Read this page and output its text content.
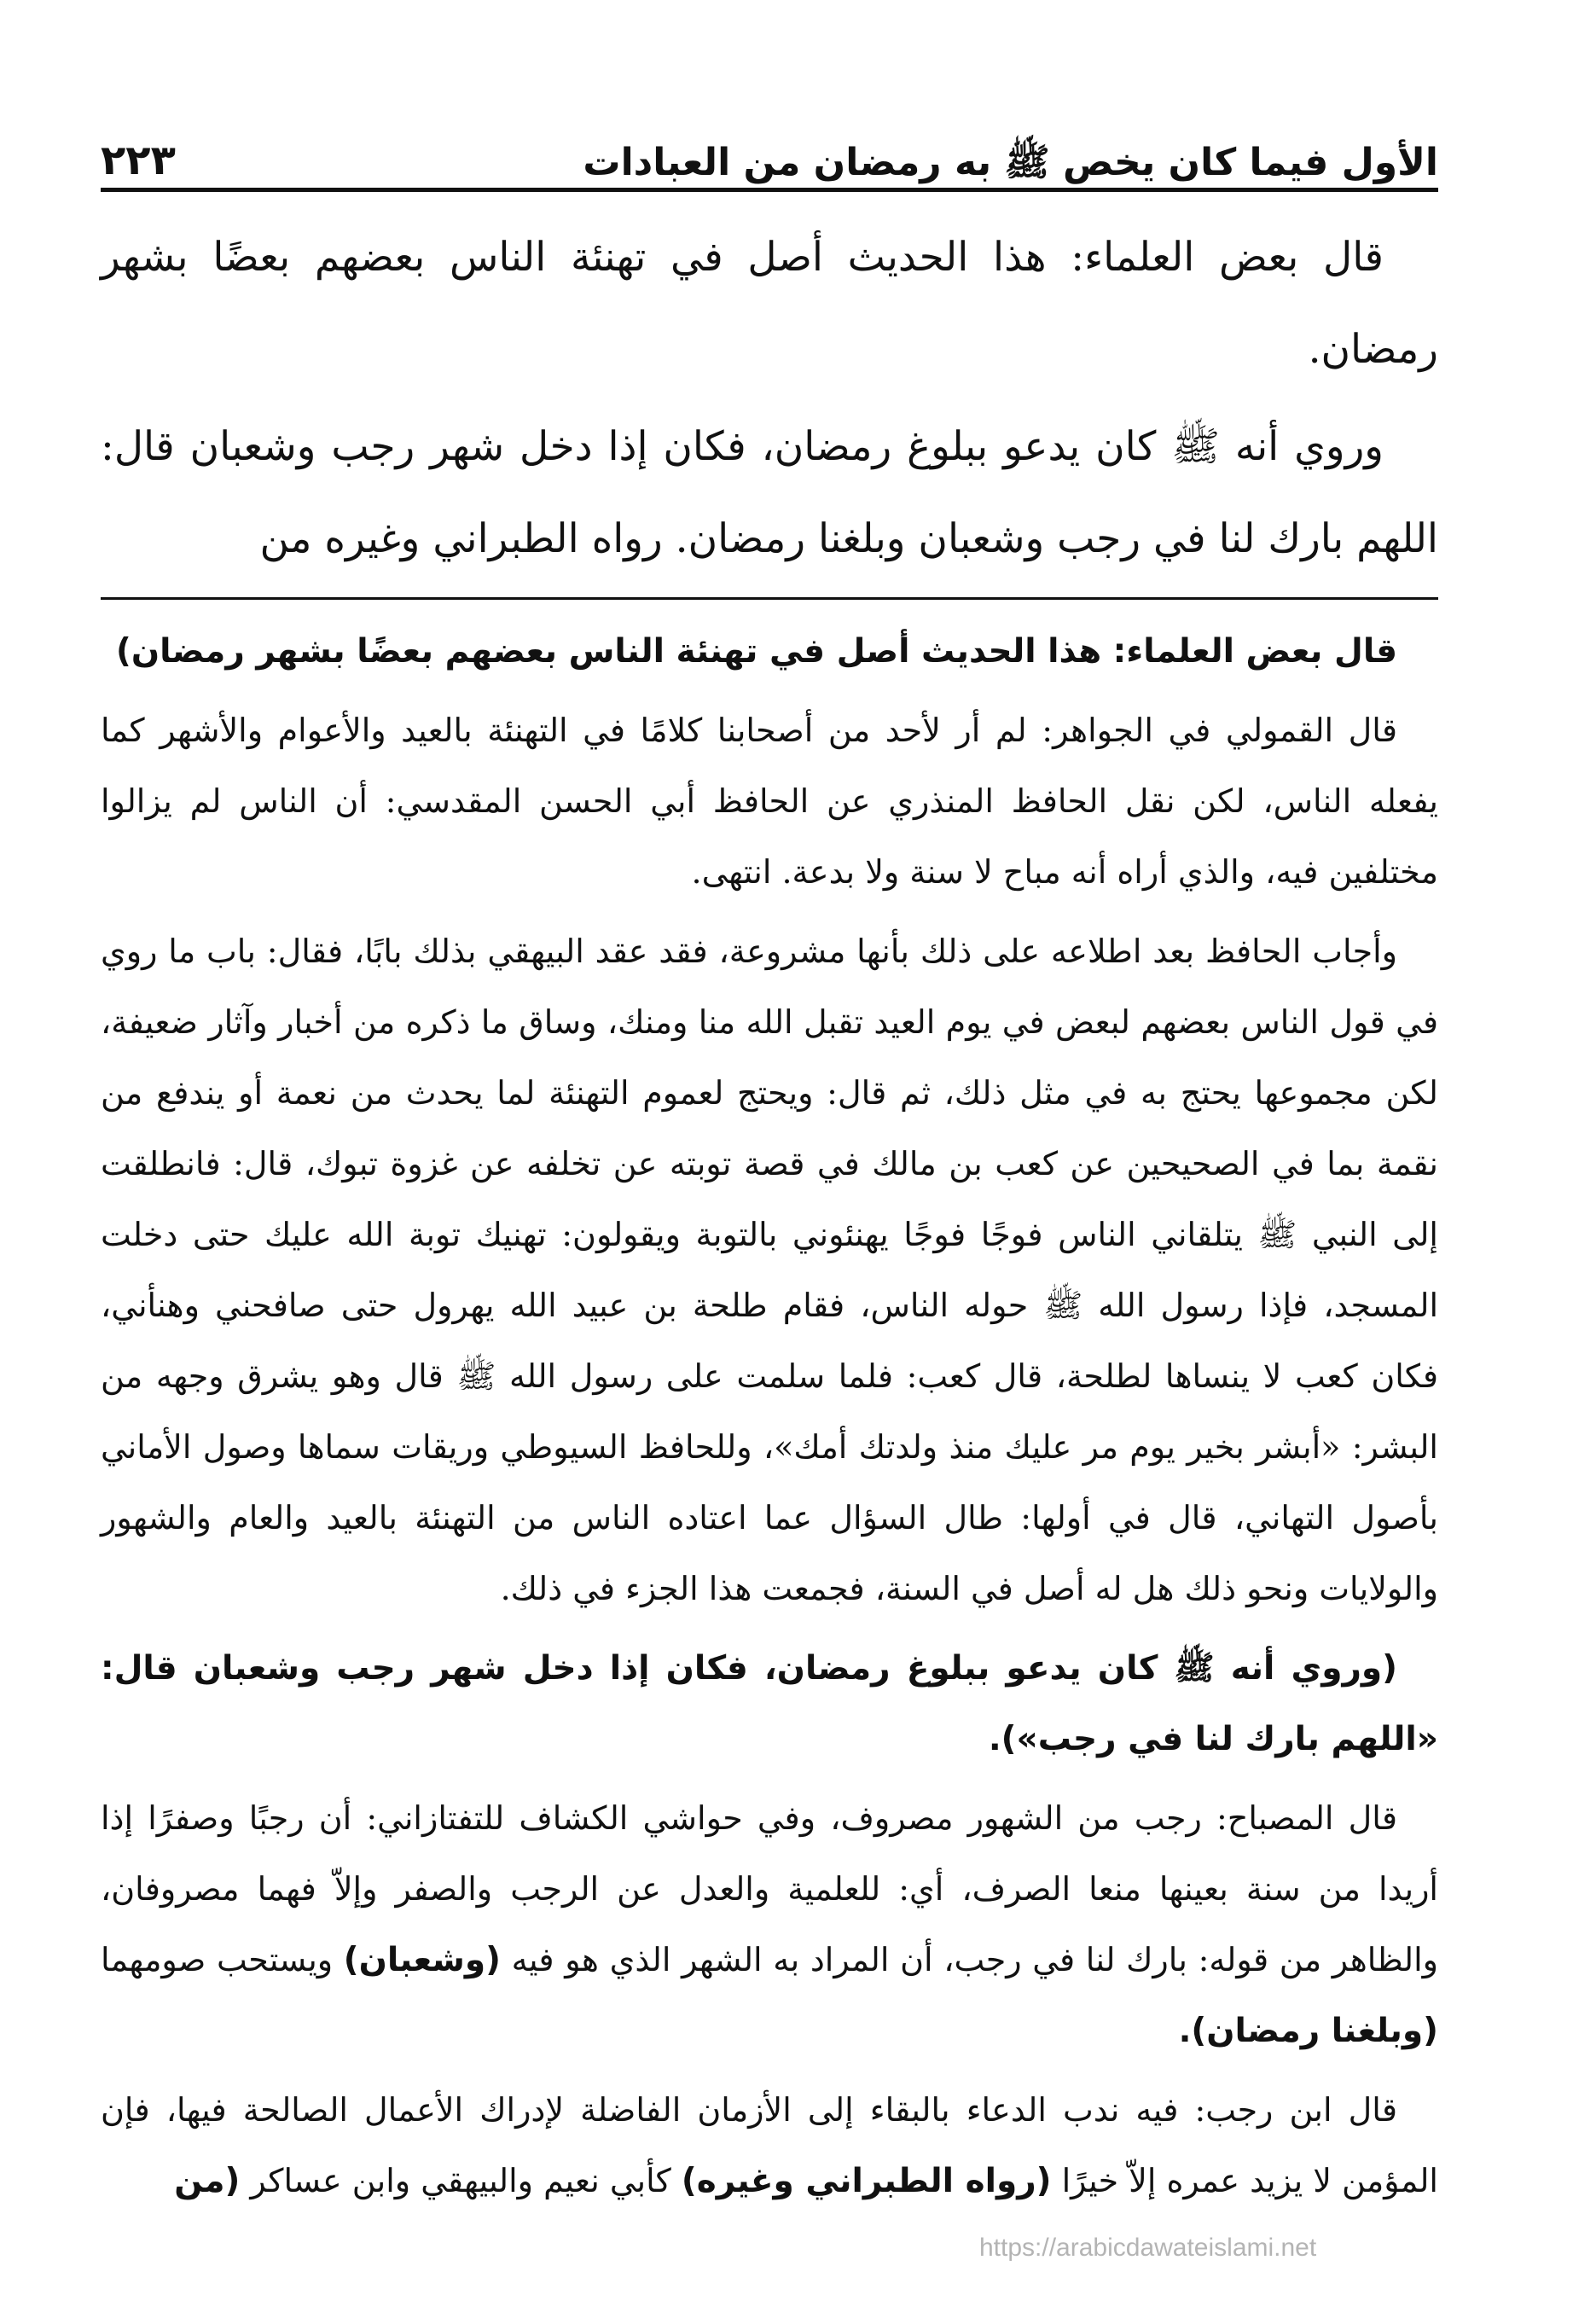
٢٢٣	الأول فيما كان يخص ﷺ به رمضان من العبادات

قال بعض العلماء: هذا الحديث أصل في تهنئة الناس بعضهم بعضًا بشهر رمضان.

وروي أنه ﷺ كان يدعو ببلوغ رمضان، فكان إذا دخل شهر رجب وشعبان قال: اللهم بارك لنا في رجب وشعبان وبلغنا رمضان. رواه الطبراني وغيره من

قال بعض العلماء: هذا الحديث أصل في تهنئة الناس بعضهم بعضًا بشهر رمضان)

قال القمولي في الجواهر: لم أر لأحد من أصحابنا كلامًا في التهنئة بالعيد والأعوام والأشهر كما يفعله الناس، لكن نقل الحافظ المنذري عن الحافظ أبي الحسن المقدسي: أن الناس لم يزالوا مختلفين فيه، والذي أراه أنه مباح لا سنة ولا بدعة. انتهى.

وأجاب الحافظ بعد اطلاعه على ذلك بأنها مشروعة، فقد عقد البيهقي بذلك بابًا، فقال: باب ما روي في قول الناس بعضهم لبعض في يوم العيد تقبل الله منا ومنك، وساق ما ذكره من أخبار وآثار ضعيفة، لكن مجموعها يحتج به في مثل ذلك، ثم قال: ويحتج لعموم التهنئة لما يحدث من نعمة أو يندفع من نقمة بما في الصحيحين عن كعب بن مالك في قصة توبته عن تخلفه عن غزوة تبوك، قال: فانطلقت إلى النبي ﷺ يتلقاني الناس فوجًا فوجًا يهنئوني بالتوبة ويقولون: تهنيك توبة الله عليك حتى دخلت المسجد، فإذا رسول الله ﷺ حوله الناس، فقام طلحة بن عبيد الله يهرول حتى صافحني وهنأني، فكان كعب لا ينساها لطلحة، قال كعب: فلما سلمت على رسول الله ﷺ قال وهو يشرق وجهه من البشر: «أبشر بخير يوم مر عليك منذ ولدتك أمك»، وللحافظ السيوطي وريقات سماها وصول الأماني بأصول التهاني، قال في أولها: طال السؤال عما اعتاده الناس من التهنئة بالعيد والعام والشهور والولايات ونحو ذلك هل له أصل في السنة، فجمعت هذا الجزء في ذلك.

(وروي أنه ﷺ كان يدعو ببلوغ رمضان، فكان إذا دخل شهر رجب وشعبان قال: «اللهم بارك لنا في رجب»).

قال المصباح: رجب من الشهور مصروف، وفي حواشي الكشاف للتفتازاني: أن رجبًا وصفرًا إذا أريدا من سنة بعينها منعا الصرف، أي: للعلمية والعدل عن الرجب والصفر وإلاّ فهما مصروفان، والظاهر من قوله: بارك لنا في رجب، أن المراد به الشهر الذي هو فيه (وشعبان) ويستحب صومهما (وبلغنا رمضان).

قال ابن رجب: فيه ندب الدعاء بالبقاء إلى الأزمان الفاضلة لإدراك الأعمال الصالحة فيها، فإن المؤمن لا يزيد عمره إلاّ خيرًا (رواه الطبراني وغيره) كأبي نعيم والبيهقي وابن عساكر (من

https://arabicdawateislami.net
